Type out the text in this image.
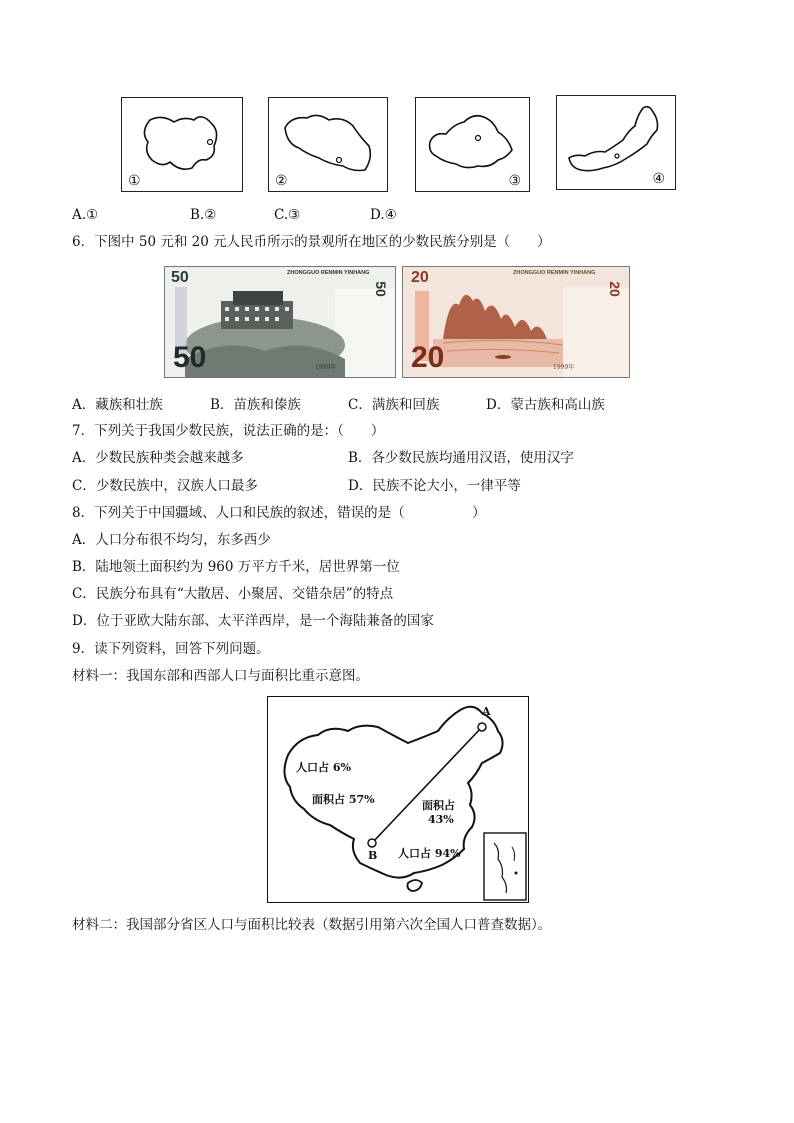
①	②	③	④
A.①	B.②	C.③	D.④
6．下图中 50 元和 20 元人民币所示的景观所在地区的少数民族分别是（　　）
ZHONGGUO RENMIN YINHANG
50
50
50	1999年
ZHONGGUO RENMIN YINHANG
20
20
20	1999年
A．藏族和壮族	B．苗族和傣族	C．满族和回族	D．蒙古族和高山族
7．下列关于我国少数民族，说法正确的是：（　　）
A．少数民族种类会越来越多	B．各少数民族均通用汉语，使用汉字
C．少数民族中，汉族人口最多	D．民族不论大小，一律平等
8．下列关于中国疆域、人口和民族的叙述，错误的是（　　　　　）
A．人口分布很不均匀，东多西少
B．陆地领土面积约为 960 万平方千米，居世界第一位
C．民族分布具有“大散居、小聚居、交错杂居”的特点
D．位于亚欧大陆东部、太平洋西岸，是一个海陆兼备的国家
9．读下列资料，回答下列问题。
材料一：我国东部和西部人口与面积比重示意图。
A
B
人口占 6%
面积占 57%	面积占
43%
人口占 94%
材料二：我国部分省区人口与面积比较表（数据引用第六次全国人口普查数据）。
